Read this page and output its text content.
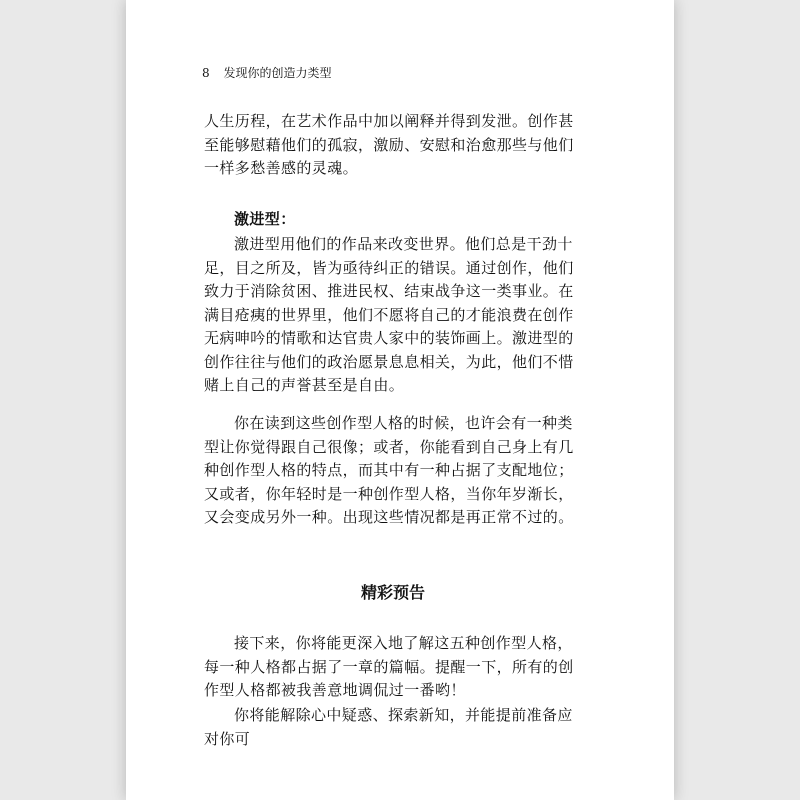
8 发现你的创造力类型

人生历程，在艺术作品中加以阐释并得到发泄。创作甚至能够慰藉他们的孤寂，激励、安慰和治愈那些与他们一样多愁善感的灵魂。

激进型：

激进型用他们的作品来改变世界。他们总是干劲十足，目之所及，皆为亟待纠正的错误。通过创作，他们致力于消除贫困、推进民权、结束战争这一类事业。在满目疮痍的世界里，他们不愿将自己的才能浪费在创作无病呻吟的情歌和达官贵人家中的装饰画上。激进型的创作往往与他们的政治愿景息息相关，为此，他们不惜赌上自己的声誉甚至是自由。

你在读到这些创作型人格的时候，也许会有一种类型让你觉得跟自己很像；或者，你能看到自己身上有几种创作型人格的特点，而其中有一种占据了支配地位；又或者，你年轻时是一种创作型人格，当你年岁渐长，又会变成另外一种。出现这些情况都是再正常不过的。

精彩预告

接下来，你将能更深入地了解这五种创作型人格，每一种人格都占据了一章的篇幅。提醒一下，所有的创作型人格都被我善意地调侃过一番哟！

你将能解除心中疑惑、探索新知，并能提前准备应对你可
